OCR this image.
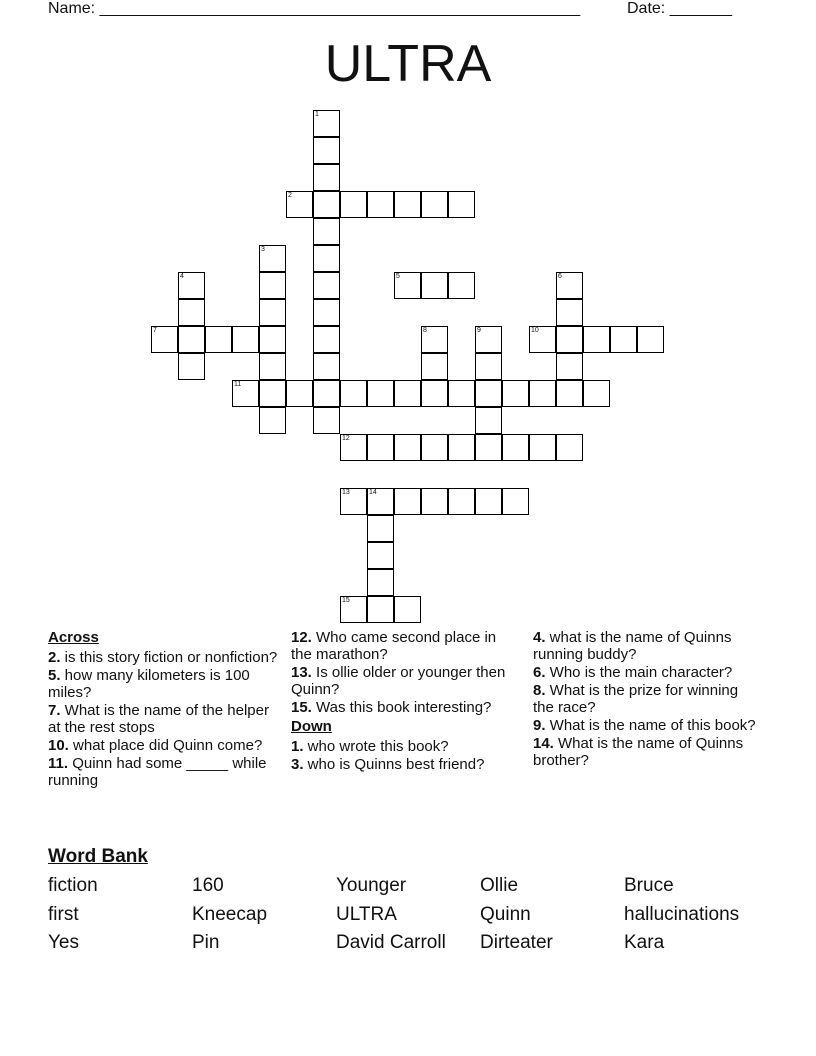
Name: ______________________________________________________	Date: _______
ULTRA
1
2
3
4	5	6
7	8	9	10
11
12
13	14
15
Across
2. is this story fiction or nonfiction?
5. how many kilometers is 100 miles?
7. What is the name of the helper at the rest stops
10. what place did Quinn come?
11. Quinn had some _____ while running
12. Who came second place in the marathon?
13. Is ollie older or younger then Quinn?
15. Was this book interesting?
Down
1. who wrote this book?
3. who is Quinns best friend?
4. what is the name of Quinns running buddy?
6. Who is the main character?
8. What is the prize for winning the race?
9. What is the name of this book?
14. What is the name of Quinns brother?
Word Bank
fiction	160	Younger	Ollie	Bruce
first	Kneecap	ULTRA	Quinn	hallucinations
Yes	Pin	David Carroll	Dirteater	Kara
